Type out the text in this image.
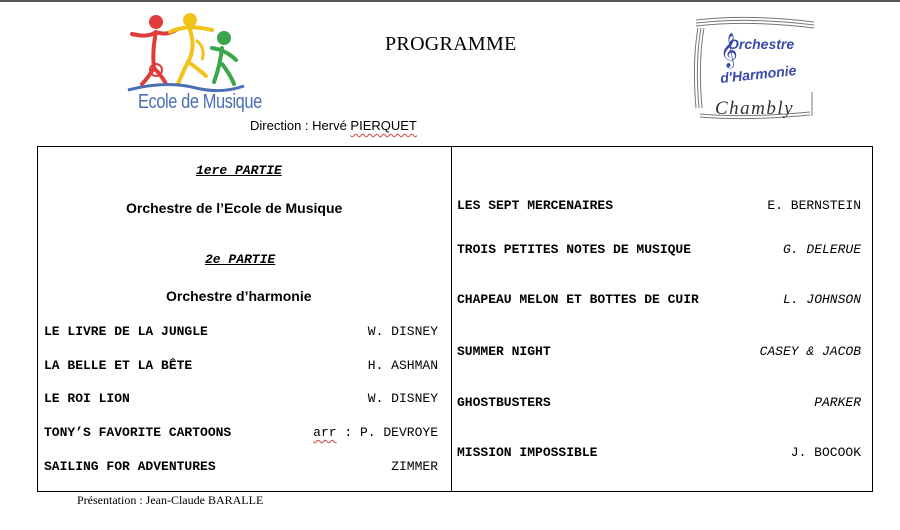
Ecole de Musique
PROGRAMME
Direction : Hervé PIERQUET
𝄞
Orchestre
d'Harmonie
Chambly
1ere PARTIE
Orchestre de l’Ecole de Musique
2e PARTIE
Orchestre d’harmonie
LE LIVRE DE LA JUNGLE	W. DISNEY
LA BELLE ET LA BÊTE	H. ASHMAN
LE ROI LION	W. DISNEY
TONY’S FAVORITE CARTOONS	arr : P. DEVROYE
SAILING FOR ADVENTURES	ZIMMER
LES SEPT MERCENAIRES	E. BERNSTEIN
TROIS PETITES NOTES DE MUSIQUE	G. DELERUE
CHAPEAU MELON ET BOTTES DE CUIR	L. JOHNSON
SUMMER NIGHT	CASEY & JACOB
GHOSTBUSTERS	PARKER
MISSION IMPOSSIBLE	J. BOCOOK
Présentation : Jean-Claude BARALLE
